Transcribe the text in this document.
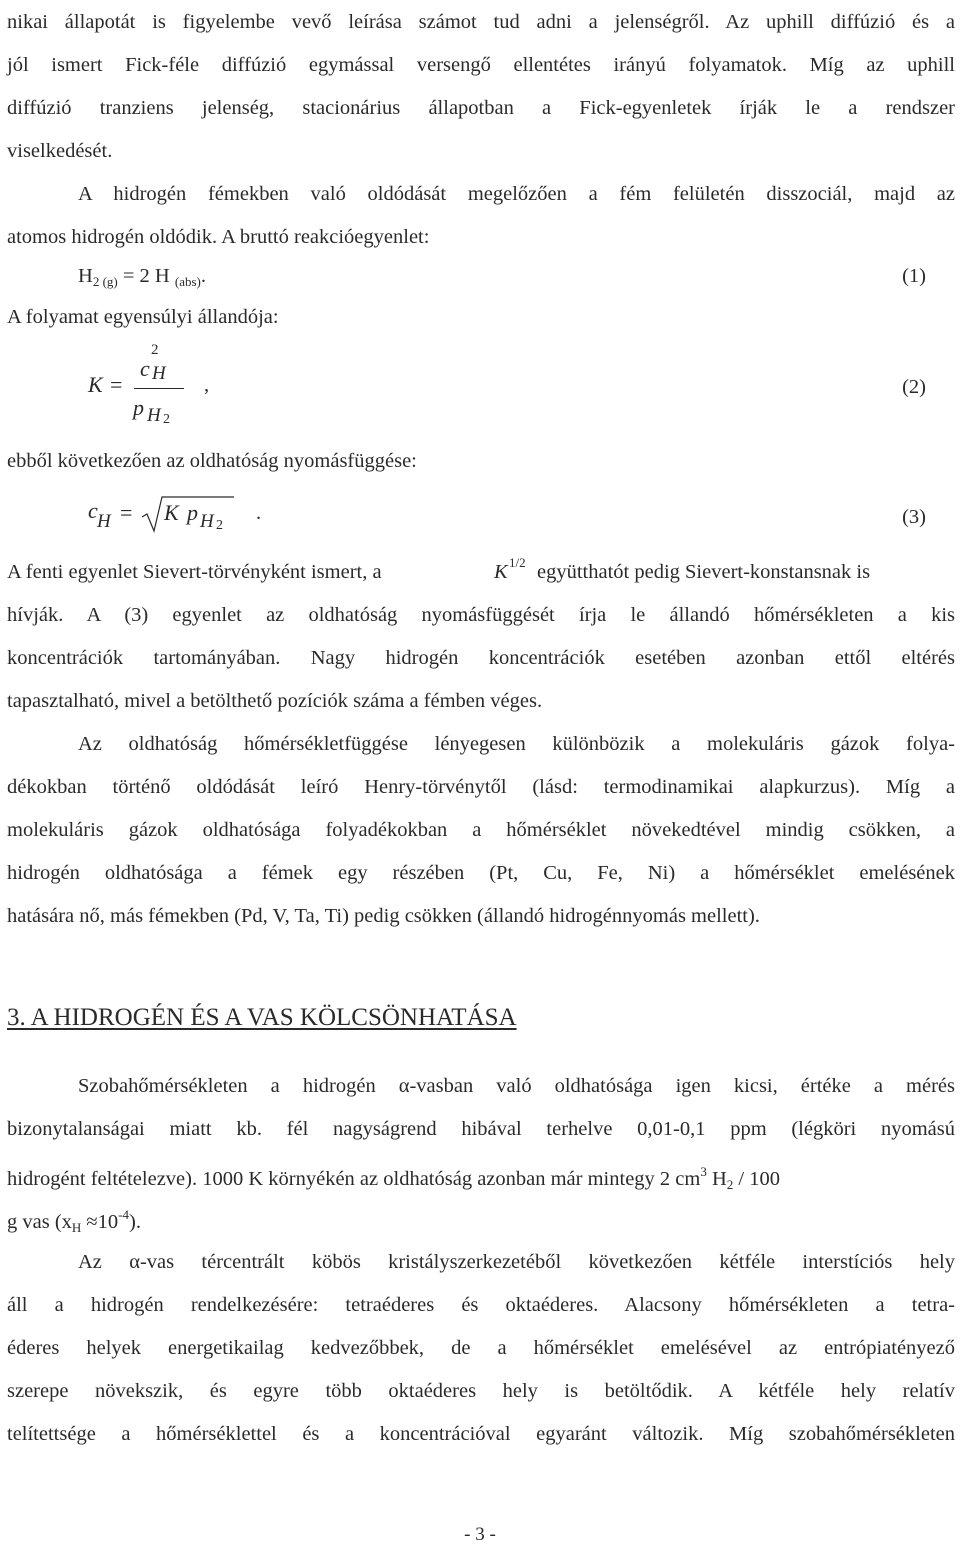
nikai állapotát is figyelembe vevő leírása számot tud adni a jelenségről. Az uphill diffúzió és a
jól ismert Fick-féle diffúzió egymással versengő ellentétes irányú folyamatok. Míg az uphill
diffúzió tranziens jelenség, stacionárius állapotban a Fick-egyenletek írják le a rendszer
viselkedését.
A hidrogén fémekben való oldódását megelőzően a fém felületén disszociál, majd az
atomos hidrogén oldódik. A bruttó reakcióegyenlet:
$H_{2 (g)} = 2$ H $_{(abs)}$.	(1)
A folyamat egyensúlyi állandója:
K =
c
2
H
p H 2
,	(2)
ebből következően az oldhatóság nyomásfüggése:
c H = K p H 2
.	(3)
A fenti egyenlet Sievert-törvényként ismert, a	K 1/2 együtthatót pedig Sievert-konstansnak is
hívják. A (3) egyenlet az oldhatóság nyomásfüggését írja le állandó hőmérsékleten a kis
koncentrációk tartományában. Nagy hidrogén koncentrációk esetében azonban ettől eltérés
tapasztalható, mivel a betölthető pozíciók száma a fémben véges.
Az oldhatóság hőmérsékletfüggése lényegesen különbözik a molekuláris gázok folya-
dékokban történő oldódását leíró Henry-törvénytől (lásd: termodinamikai alapkurzus). Míg a
molekuláris gázok oldhatósága folyadékokban a hőmérséklet növekedtével mindig csökken, a
hidrogén oldhatósága a fémek egy részében (Pt, Cu, Fe, Ni) a hőmérséklet emelésének
hatására nő, más fémekben (Pd, V, Ta, Ti) pedig csökken (állandó hidrogénnyomás mellett).
3. A HIDROGÉN ÉS A VAS KÖLCSÖNHATÁSA
Szobahőmérsékleten a hidrogén α-vasban való oldhatósága igen kicsi, értéke a mérés
bizonytalanságai miatt kb. fél nagyságrend hibával terhelve 0,01-0,1 ppm (légköri nyomású
hidrogént feltételezve). 1000 K környékén az oldhatóság azonban már mintegy 2 $cm^3$ $H_2 / 100$
g vas $(x_H \approx 10^{-4})$.
Az α-vas tércentrált köbös kristályszerkezetéből következően kétféle interstíciós hely
áll a hidrogén rendelkezésére: tetraéderes és oktaéderes. Alacsony hőmérsékleten a tetra-
éderes helyek energetikailag kedvezőbbek, de a hőmérséklet emelésével az entrópiatényező
szerepe növekszik, és egyre több oktaéderes hely is betöltődik. A kétféle hely relatív
telítettsége a hőmérséklettel és a koncentrációval egyaránt változik. Míg szobahőmérsékleten
- 3 -
